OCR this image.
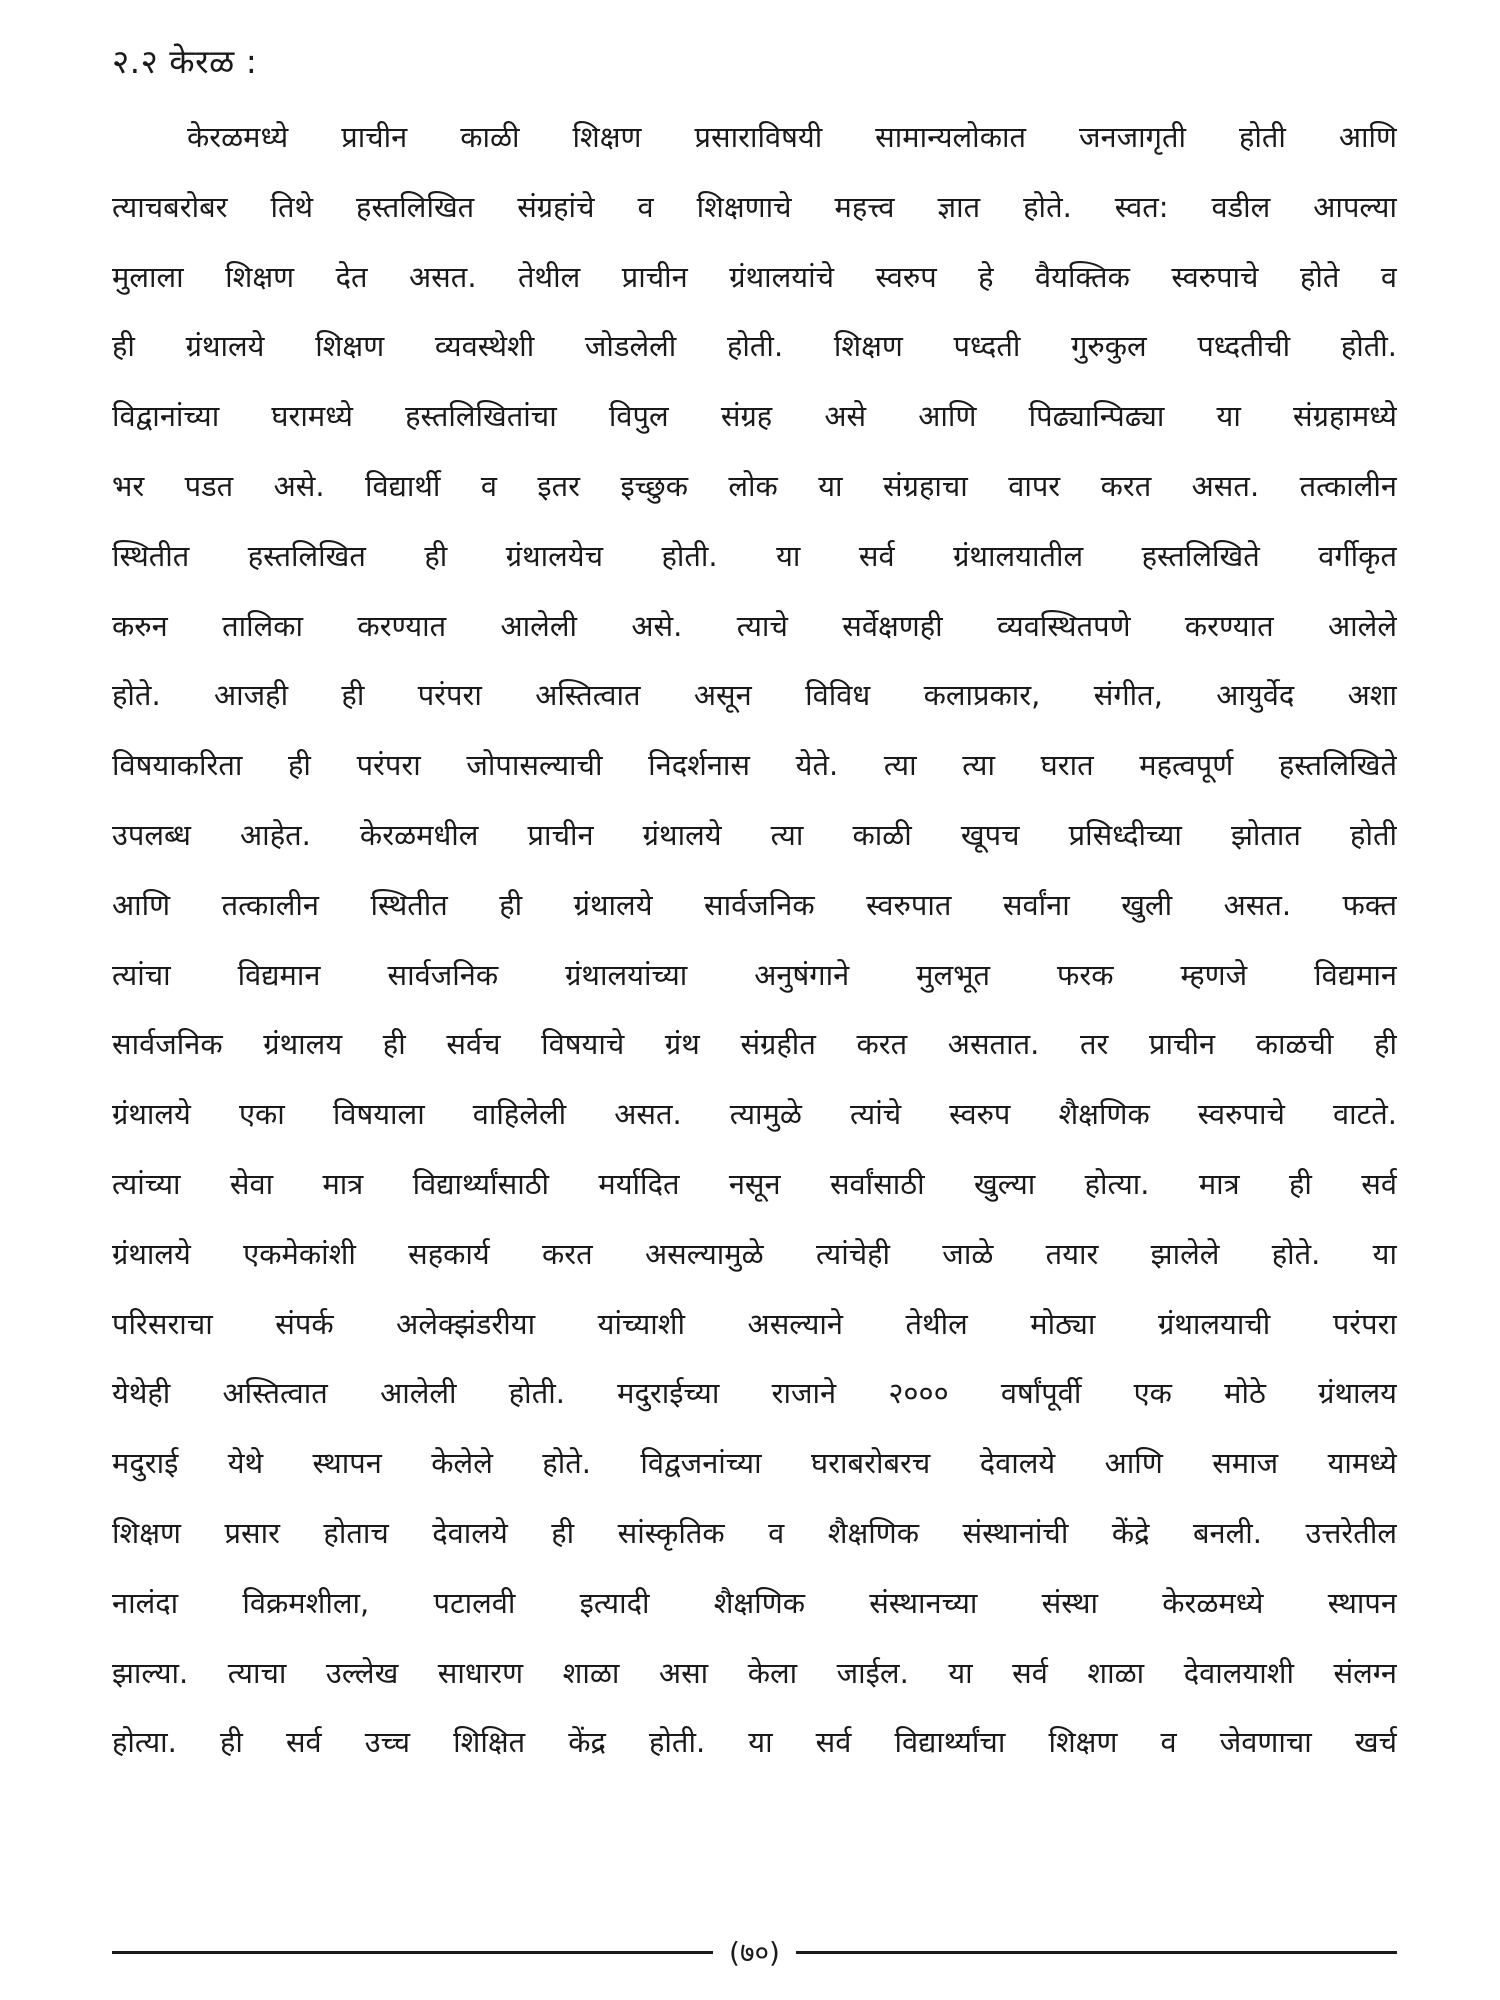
२.२ केरळ :
केरळमध्ये प्राचीन काळी शिक्षण प्रसाराविषयी सामान्यलोकात जनजागृती होती आणि
त्याचबरोबर तिथे हस्तलिखित संग्रहांचे व शिक्षणाचे महत्त्व ज्ञात होते. स्वत: वडील आपल्या
मुलाला शिक्षण देत असत. तेथील प्राचीन ग्रंथालयांचे स्वरुप हे वैयक्तिक स्वरुपाचे होते व
ही ग्रंथालये शिक्षण व्यवस्थेशी जोडलेली होती. शिक्षण पध्दती गुरुकुल पध्दतीची होती.
विद्वानांच्या घरामध्ये हस्तलिखितांचा विपुल संग्रह असे आणि पिढ्यान्पिढ्या या संग्रहामध्ये
भर पडत असे. विद्यार्थी व इतर इच्छुक लोक या संग्रहाचा वापर करत असत. तत्कालीन
स्थितीत हस्तलिखित ही ग्रंथालयेच होती. या सर्व ग्रंथालयातील हस्तलिखिते वर्गीकृत
करुन तालिका करण्यात आलेली असे. त्याचे सर्वेक्षणही व्यवस्थितपणे करण्यात आलेले
होते. आजही ही परंपरा अस्तित्वात असून विविध कलाप्रकार, संगीत, आयुर्वेद अशा
विषयाकरिता ही परंपरा जोपासल्याची निदर्शनास येते. त्या त्या घरात महत्वपूर्ण हस्तलिखिते
उपलब्ध आहेत. केरळमधील प्राचीन ग्रंथालये त्या काळी खूपच प्रसिध्दीच्या झोतात होती
आणि तत्कालीन स्थितीत ही ग्रंथालये सार्वजनिक स्वरुपात सर्वांना खुली असत. फक्त
त्यांचा विद्यमान सार्वजनिक ग्रंथालयांच्या अनुषंगाने मुलभूत फरक म्हणजे विद्यमान
सार्वजनिक ग्रंथालय ही सर्वच विषयाचे ग्रंथ संग्रहीत करत असतात. तर प्राचीन काळची ही
ग्रंथालये एका विषयाला वाहिलेली असत. त्यामुळे त्यांचे स्वरुप शैक्षणिक स्वरुपाचे वाटते.
त्यांच्या सेवा मात्र विद्यार्थ्यांसाठी मर्यादित नसून सर्वांसाठी खुल्या होत्या. मात्र ही सर्व
ग्रंथालये एकमेकांशी सहकार्य करत असल्यामुळे त्यांचेही जाळे तयार झालेले होते. या
परिसराचा संपर्क अलेक्झंडरीया यांच्याशी असल्याने तेथील मोठ्या ग्रंथालयाची परंपरा
येथेही अस्तित्वात आलेली होती. मदुराईच्या राजाने २००० वर्षांपूर्वी एक मोठे ग्रंथालय
मदुराई येथे स्थापन केलेले होते. विद्वजनांच्या घराबरोबरच देवालये आणि समाज यामध्ये
शिक्षण प्रसार होताच देवालये ही सांस्कृतिक व शैक्षणिक संस्थानांची केंद्रे बनली. उत्तरेतील
नालंदा विक्रमशीला, पटालवी इत्यादी शैक्षणिक संस्थानच्या संस्था केरळमध्ये स्थापन
झाल्या. त्याचा उल्लेख साधारण शाळा असा केला जाईल. या सर्व शाळा देवालयाशी संलग्न
होत्या. ही सर्व उच्च शिक्षित केंद्र होती. या सर्व विद्यार्थ्यांचा शिक्षण व जेवणाचा खर्च
(७०)
